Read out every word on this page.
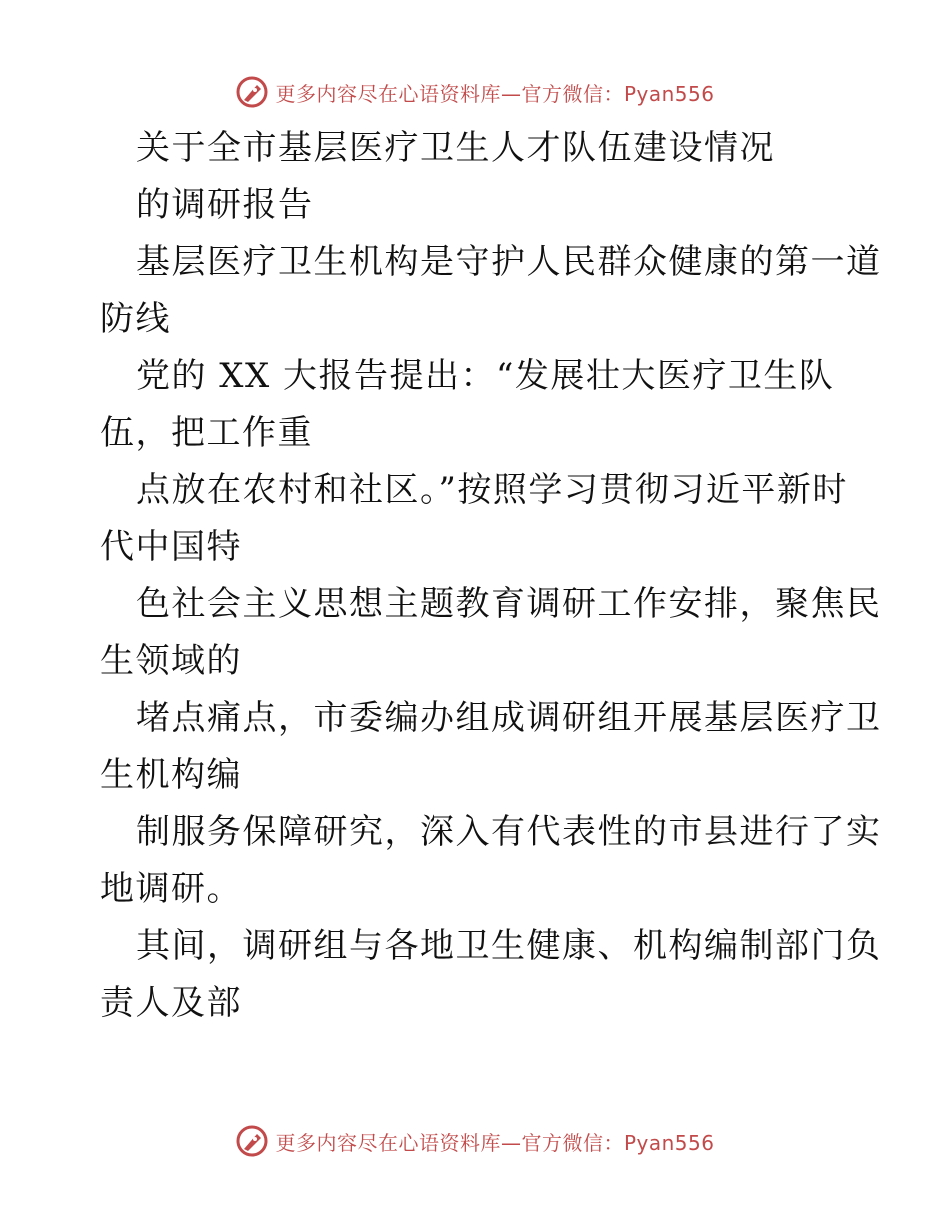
更多内容尽在心语资料库—官方微信：Pyan556
关于全市基层医疗卫生人才队伍建设情况
的调研报告
基层医疗卫生机构是守护人民群众健康的第一道
防线
党的 XX 大报告提出：“发展壮大医疗卫生队
伍，把工作重
点放在农村和社区。”按照学习贯彻习近平新时
代中国特
色社会主义思想主题教育调研工作安排，聚焦民
生领域的
堵点痛点，市委编办组成调研组开展基层医疗卫
生机构编
制服务保障研究，深入有代表性的市县进行了实
地调研。
其间，调研组与各地卫生健康、机构编制部门负
责人及部
更多内容尽在心语资料库—官方微信：Pyan556
